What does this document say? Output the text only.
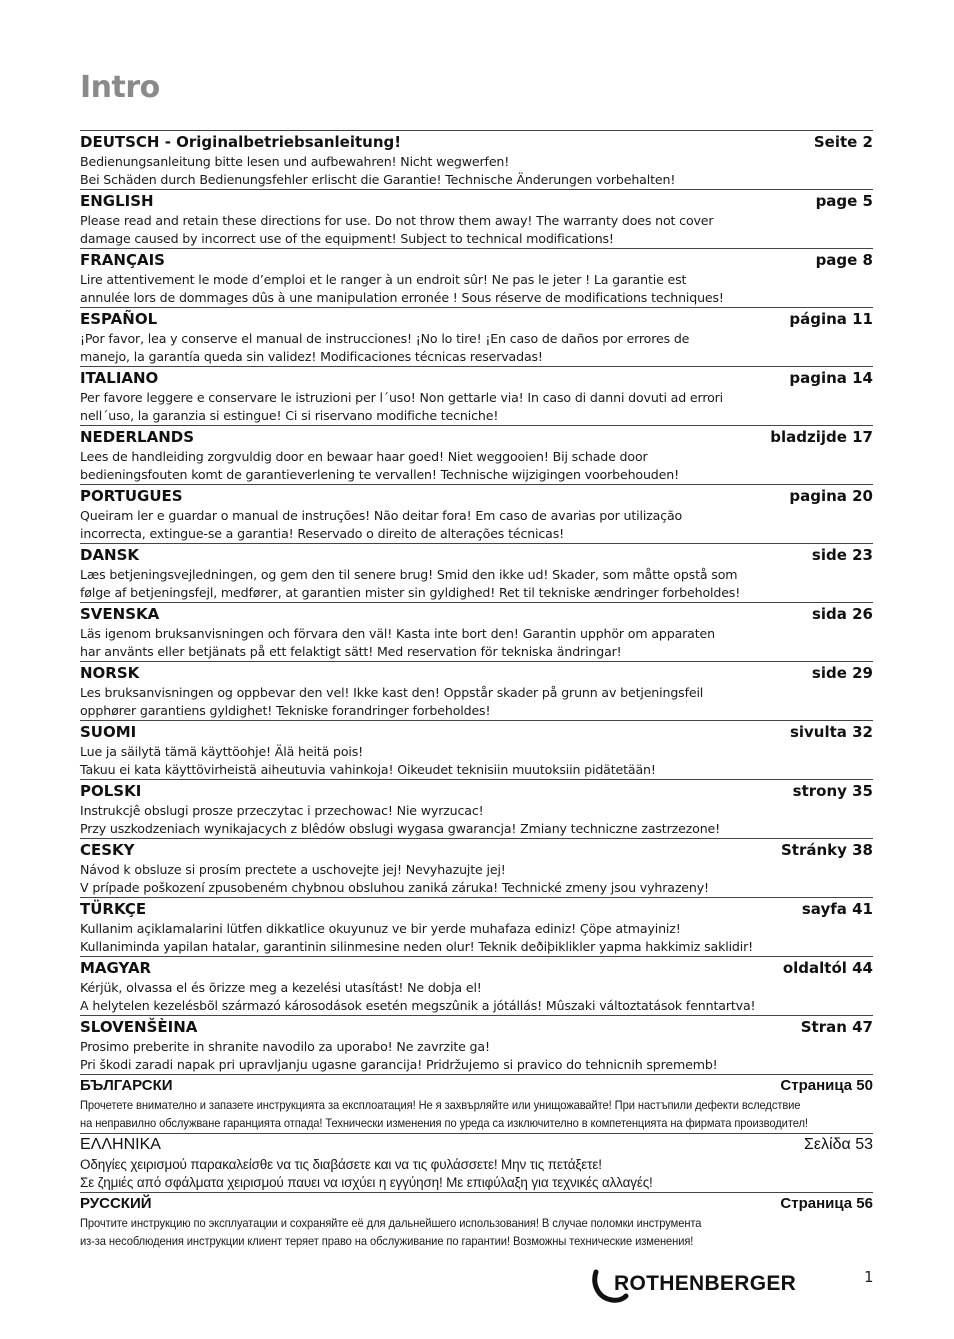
Intro
DEUTSCH - Originalbetriebsanleitung!	Seite 2
Bedienungsanleitung bitte lesen und aufbewahren! Nicht wegwerfen!
Bei Schäden durch Bedienungsfehler erlischt die Garantie! Technische Änderungen vorbehalten!
ENGLISH	page 5
Please read and retain these directions for use. Do not throw them away! The warranty does not cover
damage caused by incorrect use of the equipment! Subject to technical modifications!
FRANÇAIS	page 8
Lire attentivement le mode d’emploi et le ranger à un endroit sûr! Ne pas le jeter ! La garantie est
annulée lors de dommages dûs à une manipulation erronée ! Sous réserve de modifications techniques!
ESPAÑOL	página 11
¡Por favor, lea y conserve el manual de instrucciones! ¡No lo tire! ¡En caso de daños por errores de
manejo, la garantía queda sin validez! Modificaciones técnicas reservadas!
ITALIANO	pagina 14
Per favore leggere e conservare le istruzioni per l´uso! Non gettarle via! In caso di danni dovuti ad errori
nell´uso, la garanzia si estingue! Ci si riservano modifiche tecniche!
NEDERLANDS	bladzijde 17
Lees de handleiding zorgvuldig door en bewaar haar goed! Niet weggooien! Bij schade door
bedieningsfouten komt de garantieverlening te vervallen! Technische wijzigingen voorbehouden!
PORTUGUES	pagina 20
Queiram ler e guardar o manual de instruções! Não deitar fora! Em caso de avarias por utilização
incorrecta, extingue-se a garantia! Reservado o direito de alterações técnicas!
DANSK	side 23
Læs betjeningsvejledningen, og gem den til senere brug! Smid den ikke ud! Skader, som måtte opstå som
følge af betjeningsfejl, medfører, at garantien mister sin gyldighed! Ret til tekniske ændringer forbeholdes!
SVENSKA	sida 26
Läs igenom bruksanvisningen och förvara den väl! Kasta inte bort den! Garantin upphör om apparaten
har använts eller betjänats på ett felaktigt sätt! Med reservation för tekniska ändringar!
NORSK	side 29
Les bruksanvisningen og oppbevar den vel! Ikke kast den! Oppstår skader på grunn av betjeningsfeil
opphører garantiens gyldighet! Tekniske forandringer forbeholdes!
SUOMI	sivulta 32
Lue ja säilytä tämä käyttöohje! Älä heitä pois!
Takuu ei kata käyttövirheistä aiheutuvia vahinkoja! Oikeudet teknisiin muutoksiin pidätetään!
POLSKI	strony 35
Instrukcjê obslugi prosze przeczytac i przechowac! Nie wyrzucac!
Przy uszkodzeniach wynikajacych z blêdów obslugi wygasa gwarancja! Zmiany techniczne zastrzezone!
CESKY	Stránky 38
Návod k obsluze si prosím prectete a uschovejte jej! Nevyhazujte jej!
V prípade poškození zpusobeném chybnou obsluhou zaniká záruka! Technické zmeny jsou vyhrazeny!
TÜRKÇE	sayfa 41
Kullanim açiklamalarini lütfen dikkatlice okuyunuz ve bir yerde muhafaza ediniz! Çöpe atmayiniz!
Kullaniminda yapilan hatalar, garantinin silinmesine neden olur! Teknik deðiþiklikler yapma hakkimiz saklidir!
MAGYAR	oldaltól 44
Kérjük, olvassa el és õrizze meg a kezelési utasítást! Ne dobja el!
A helytelen kezelésbõl származó károsodások esetén megszûnik a jótállás! Mûszaki változtatások fenntartva!
SLOVENŠÈINA	Stran 47
Prosimo preberite in shranite navodilo za uporabo! Ne zavrzite ga!
Pri škodi zaradi napak pri upravljanju ugasne garancija! Pridržujemo si pravico do tehnicnih sprememb!
БЪЛГАРСКИ	Страница 50
Прочетете внимателно и запазете инструкцията за експлоатация! Не я захвърляйте или унищожавайте! При настъпили дефекти вследствие
на неправилно обслужване гаранцията отпада! Технически изменения по уреда са изключително в компетенцията на фирмата производител!
ΕΛΛΗΝΙΚΑ	Σελίδα 53
Οδηγίες χειρισμού παρακαλείσθε να τις διαβάσετε και να τις φυλάσσετε! Μην τις πετάξετε!
Σε ζημιές από σφάλματα χειρισμού παυει να ισχύει η εγγύηση! Με επιφύλαξη για τεχνικές αλλαγές!
РУССКИЙ	Страница 56
Прочтите инструкцию по эксплуатации и сохраняйте её для дальнейшего использования! В случае поломки инструмента
из-за несоблюдения инструкции клиент теряет право на обслуживание по гарантии! Возможны технические изменения!
ROTHENBERGER	1
